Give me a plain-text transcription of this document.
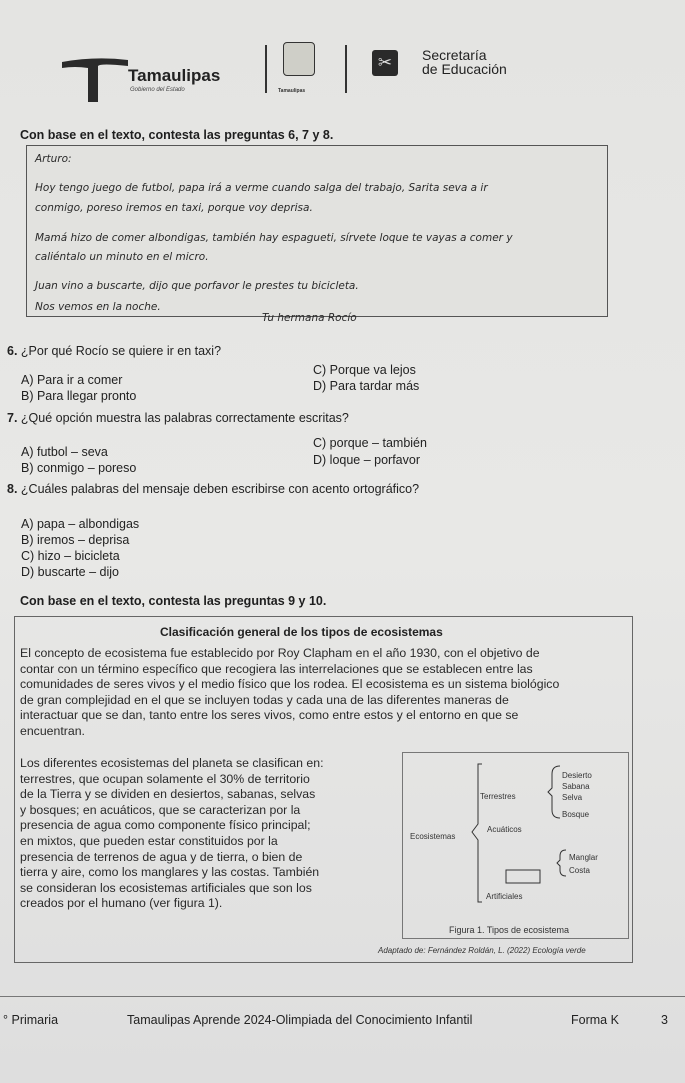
Tamaulipas
Gobierno del Estado	Tamaulipas
✂	Secretaría
de Educación
Con base en el texto, contesta las preguntas 6, 7 y 8.
Arturo:
Hoy tengo juego de futbol, papa irá a verme cuando salga del trabajo, Sarita seva a ir
conmigo, poreso iremos en taxi, porque voy deprisa.
Mamá hizo de comer albondigas, también hay espagueti, sírvete loque te vayas a comer y
caliéntalo un minuto en el micro.
Juan vino a buscarte, dijo que porfavor le prestes tu bicicleta.
Nos vemos en la noche.
Tu hermana Rocío
6. ¿Por qué Rocío se quiere ir en taxi?
A) Para ir a comer
B) Para llegar pronto
C) Porque va lejos
D) Para tardar más
7. ¿Qué opción muestra las palabras correctamente escritas?
A) futbol – seva
B) conmigo – poreso
C) porque – también
D) loque – porfavor
8. ¿Cuáles palabras del mensaje deben escribirse con acento ortográfico?
A) papa – albondigas
B) iremos – deprisa
C) hizo – bicicleta
D) buscarte – dijo
Con base en el texto, contesta las preguntas 9 y 10.
Clasificación general de los tipos de ecosistemas
El concepto de ecosistema fue establecido por Roy Clapham en el año 1930, con el objetivo de
contar con un término específico que recogiera las interrelaciones que se establecen entre las
comunidades de seres vivos y el medio físico que los rodea. El ecosistema es un sistema biológico
de gran complejidad en el que se incluyen todas y cada una de las diferentes maneras de
interactuar que se dan, tanto entre los seres vivos, como entre estos y el entorno en que se
encuentran.
Los diferentes ecosistemas del planeta se clasifican en:
terrestres, que ocupan solamente el 30% de territorio
de la Tierra y se dividen en desiertos, sabanas, selvas
y bosques; en acuáticos, que se caracterizan por la
presencia de agua como componente físico principal;
en mixtos, que pueden estar constituidos por la
presencia de terrenos de agua y de tierra, o bien de
tierra y aire, como los manglares y las costas. También
se consideran los ecosistemas artificiales que son los
creados por el humano (ver figura 1).
Terrestres
Desierto
Sabana
Selva
Bosque
Ecosistemas
Acuáticos
Manglar
Costa
Artificiales
Figura 1. Tipos de ecosistema
Adaptado de: Fernández Roldán, L. (2022) Ecología verde
° Primaria	Tamaulipas Aprende 2024-Olimpiada del Conocimiento Infantil	Forma K	3
